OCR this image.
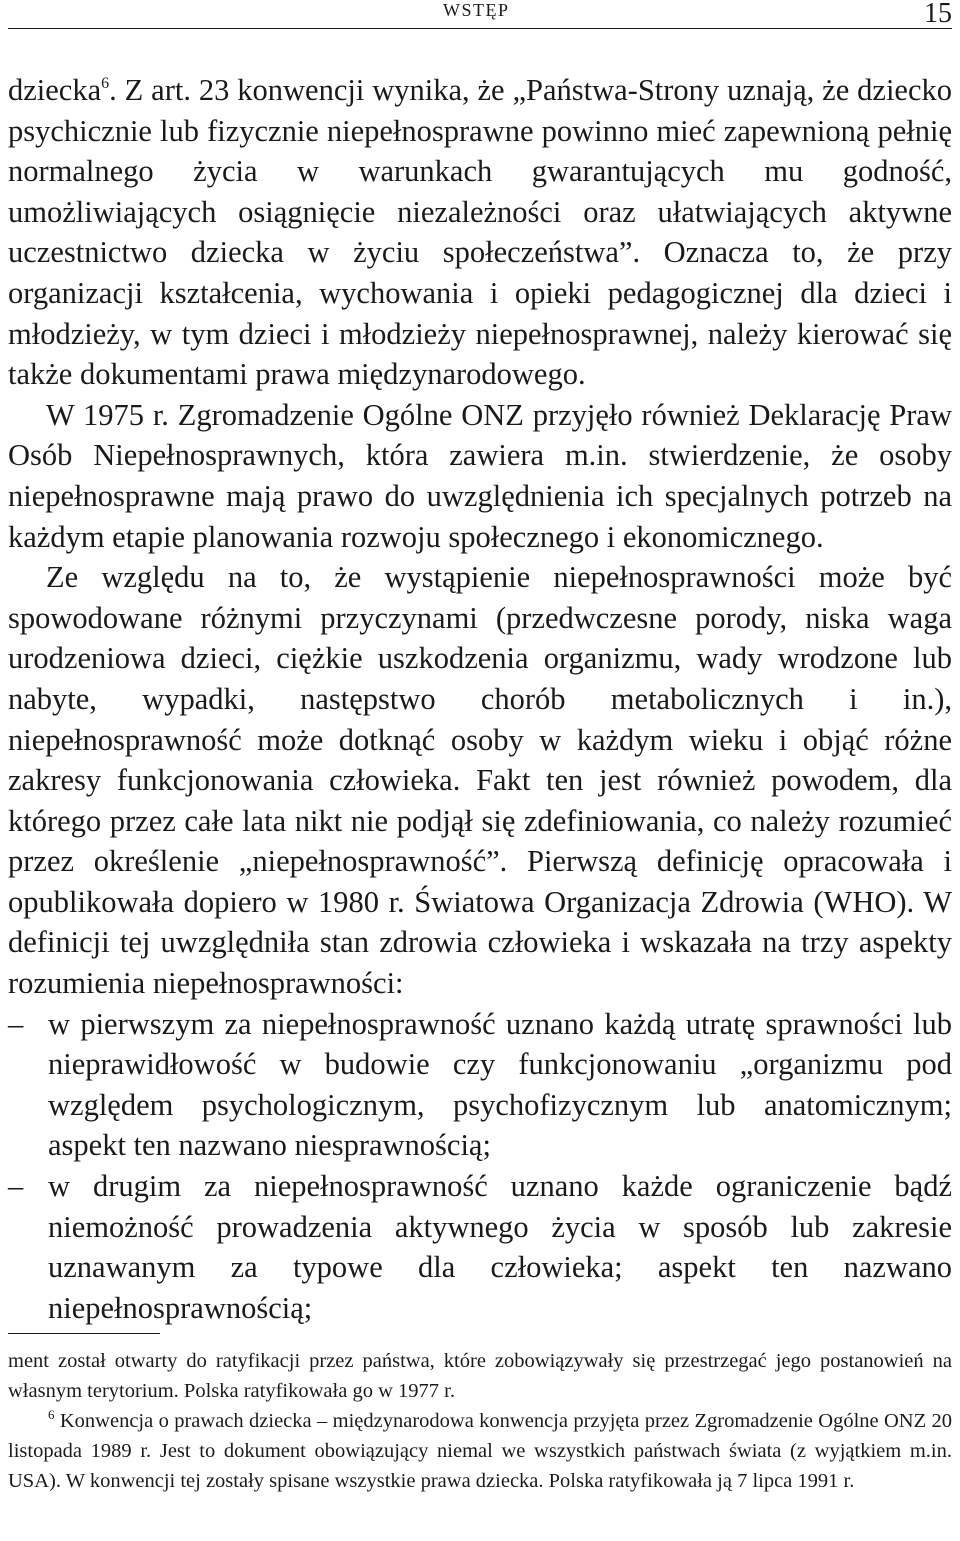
WSTĘP	15

dziecka$^6$. Z art. 23 konwencji wynika, że „Państwa-Strony uznają, że dziecko psychicznie lub fizycznie niepełnosprawne powinno mieć zapewnioną pełnię normalnego życia w warunkach gwarantujących mu godność, umożliwiających osiągnięcie niezależności oraz ułatwiających aktywne uczestnictwo dziecka w życiu społeczeństwa”. Oznacza to, że przy organizacji kształcenia, wychowania i opieki pedagogicznej dla dzieci i młodzieży, w tym dzieci i młodzieży niepełnosprawnej, należy kierować się także dokumentami prawa międzynarodowego.

W 1975 r. Zgromadzenie Ogólne ONZ przyjęło również Deklarację Praw Osób Niepełnosprawnych, która zawiera m.in. stwierdzenie, że osoby niepełnosprawne mają prawo do uwzględnienia ich specjalnych potrzeb na każdym etapie planowania rozwoju społecznego i ekonomicznego.

Ze względu na to, że wystąpienie niepełnosprawności może być spowodowane różnymi przyczynami (przedwczesne porody, niska waga urodzeniowa dzieci, ciężkie uszkodzenia organizmu, wady wrodzone lub nabyte, wypadki, następstwo chorób metabolicznych i in.), niepełnosprawność może dotknąć osoby w każdym wieku i objąć różne zakresy funkcjonowania człowieka. Fakt ten jest również powodem, dla którego przez całe lata nikt nie podjął się zdefiniowania, co należy rozumieć przez określenie „niepełnosprawność”. Pierwszą definicję opracowała i opublikowała dopiero w 1980 r. Światowa Organizacja Zdrowia (WHO). W definicji tej uwzględniła stan zdrowia człowieka i wskazała na trzy aspekty rozumienia niepełnosprawności:

– w pierwszym za niepełnosprawność uznano każdą utratę sprawności lub nieprawidłowość w budowie czy funkcjonowaniu „organizmu pod względem psychologicznym, psychofizycznym lub anatomicznym; aspekt ten nazwano niesprawnością;
– w drugim za niepełnosprawność uznano każde ograniczenie bądź niemożność prowadzenia aktywnego życia w sposób lub zakresie uznawanym za typowe dla człowieka; aspekt ten nazwano niepełnosprawnością;

ment został otwarty do ratyfikacji przez państwa, które zobowiązywały się przestrzegać jego postanowień na własnym terytorium. Polska ratyfikowała go w 1977 r.

$^6$ Konwencja o prawach dziecka – międzynarodowa konwencja przyjęta przez Zgromadzenie Ogólne ONZ 20 listopada 1989 r. Jest to dokument obowiązujący niemal we wszystkich państwach świata (z wyjątkiem m.in. USA). W konwencji tej zostały spisane wszystkie prawa dziecka. Polska ratyfikowała ją 7 lipca 1991 r.
